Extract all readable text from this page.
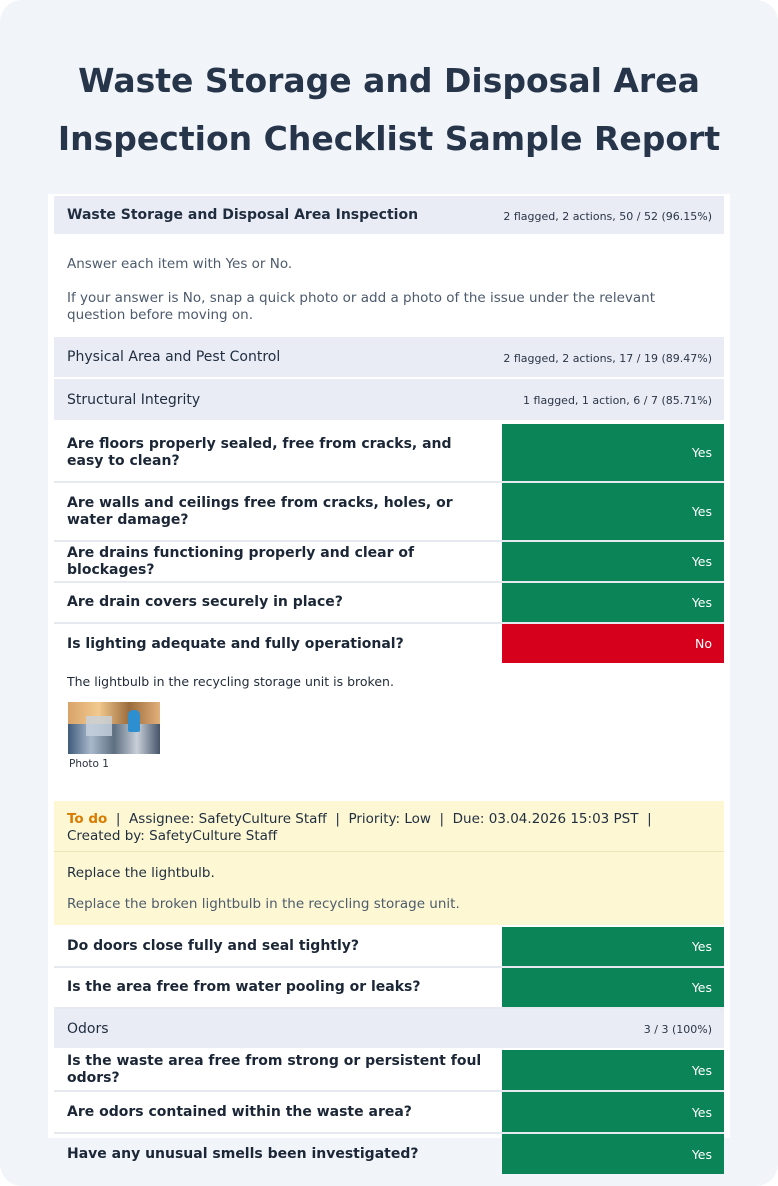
Waste Storage and Disposal Area Inspection Checklist Sample Report
Waste Storage and Disposal Area Inspection	2 flagged, 2 actions, 50 / 52 (96.15%)

Answer each item with Yes or No.

If your answer is No, snap a quick photo or add a photo of the issue under the relevant question before moving on.

Physical Area and Pest Control	2 flagged, 2 actions, 17 / 19 (89.47%)
Structural Integrity	1 flagged, 1 action, 6 / 7 (85.71%)
Are floors properly sealed, free from cracks, and easy to clean?	Yes
Are walls and ceilings free from cracks, holes, or water damage?	Yes
Are drains functioning properly and clear of blockages?	Yes
Are drain covers securely in place?	Yes
Is lighting adequate and fully operational?	No
The lightbulb in the recycling storage unit is broken.
Photo 1
To do  |  Assignee: SafetyCulture Staff  |  Priority: Low  |  Due: 03.04.2026 15:03 PST  |  Created by: SafetyCulture Staff
Replace the lightbulb.
Replace the broken lightbulb in the recycling storage unit.
Do doors close fully and seal tightly?	Yes
Is the area free from water pooling or leaks?	Yes
Odors	3 / 3 (100%)
Is the waste area free from strong or persistent foul odors?	Yes
Are odors contained within the waste area?	Yes
Have any unusual smells been investigated?	Yes
